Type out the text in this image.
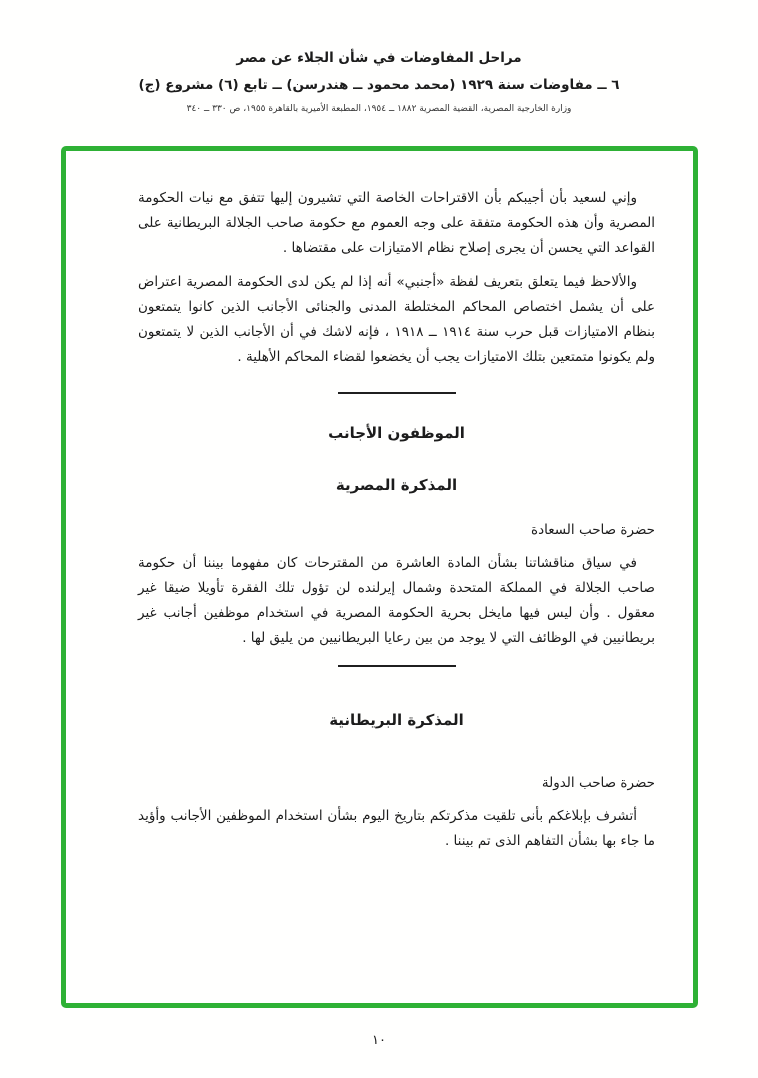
مراحل المفاوضات في شأن الجلاء عن مصر
٦ ــ مفاوضات سنة ١٩٢٩ (محمد محمود ــ هندرسن) ــ تابع (٦) مشروع (ج)
وزارة الخارجية المصرية، القضية المصرية ١٨٨٢ ــ ١٩٥٤، المطبعة الأميرية بالقاهرة ١٩٥٥، ص ٣٣٠ ــ ٣٤٠

وإني لسعيد بأن أجيبكم بأن الاقتراحات الخاصة التي تشيرون إليها تتفق مع نيات الحكومة المصرية وأن هذه الحكومة متفقة على وجه العموم مع حكومة صاحب الجلالة البريطانية على القواعد التي يحسن أن يجرى إصلاح نظام الامتيازات على مقتضاها .

والألاحظ فيما يتعلق بتعريف لفظة «أجنبي» أنه إذا لم يكن لدى الحكومة المصرية اعتراض على أن يشمل اختصاص المحاكم المختلطة المدنى والجنائى الأجانب الذين كانوا يتمتعون بنظام الامتيازات قبل حرب سنة ١٩١٤ ــ ١٩١٨ ، فإنه لاشك في أن الأجانب الذين لا يتمتعون ولم يكونوا متمتعين بتلك الامتيازات يجب أن يخضعوا لقضاء المحاكم الأهلية .

الموظفون الأجانب
المذكرة المصرية

حضرة صاحب السعادة

في سياق مناقشاتنا بشأن المادة العاشرة من المقترحات كان مفهوما بيننا أن حكومة صاحب الجلالة في المملكة المتحدة وشمال إيرلنده لن تؤول تلك الفقرة تأويلا ضيقا غير معقول . وأن ليس فيها مايخل بحرية الحكومة المصرية في استخدام موظفين أجانب غير بريطانيين في الوظائف التي لا يوجد من بين رعايا البريطانيين من يليق لها .

المذكرة البريطانية

حضرة صاحب الدولة

أتشرف بإبلاغكم بأنى تلقيت مذكرتكم بتاريخ اليوم بشأن استخدام الموظفين الأجانب وأؤيد ما جاء بها بشأن التفاهم الذى تم بيننا .

١٠
